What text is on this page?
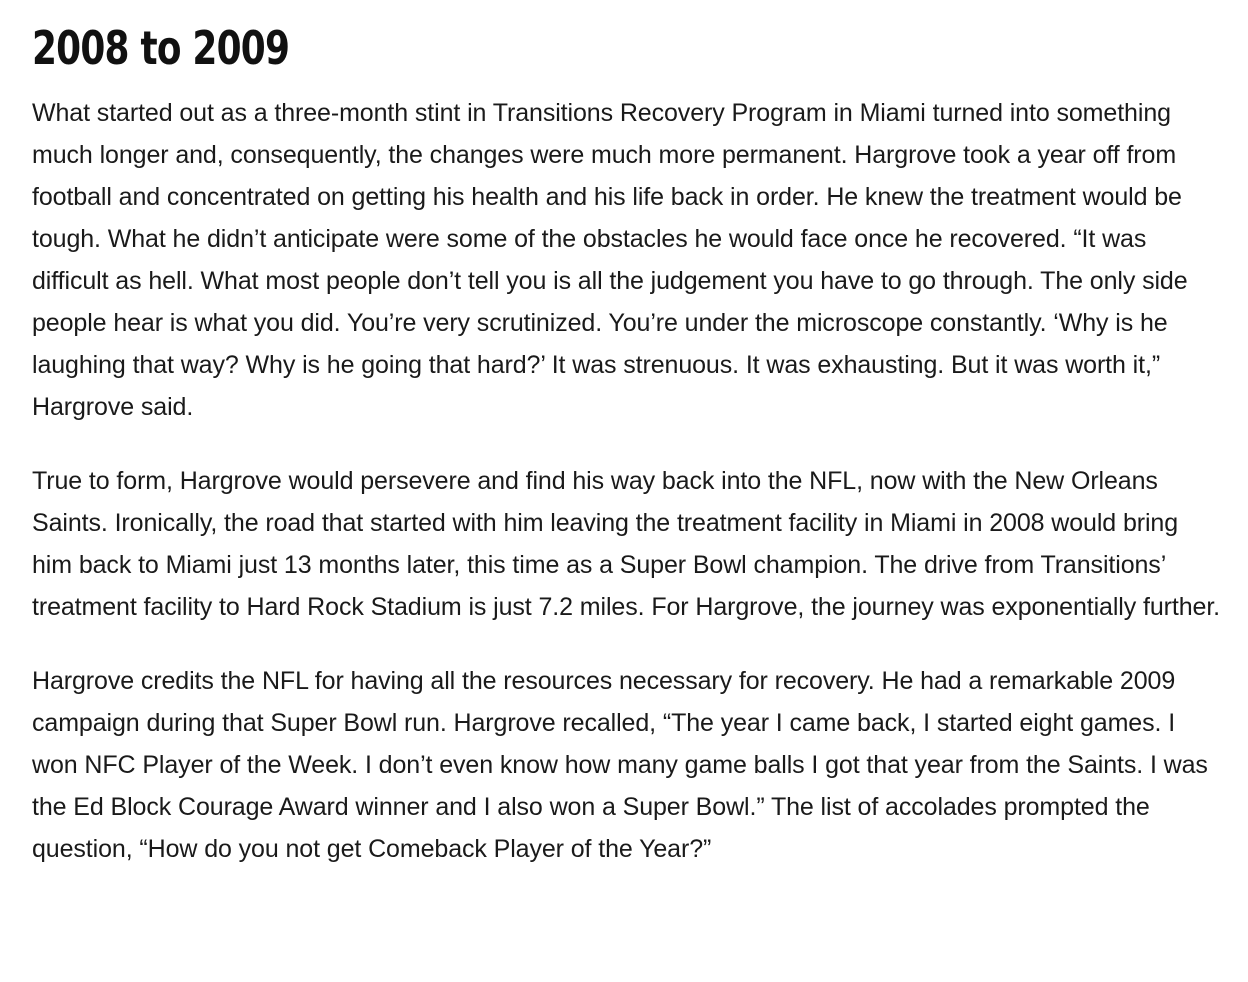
2008 to 2009

What started out as a three-month stint in Transitions Recovery Program in Miami turned into something much longer and, consequently, the changes were much more permanent. Hargrove took a year off from football and concentrated on getting his health and his life back in order. He knew the treatment would be tough. What he didn’t anticipate were some of the obstacles he would face once he recovered. “It was difficult as hell. What most people don’t tell you is all the judgement you have to go through. The only side people hear is what you did. You’re very scrutinized. You’re under the microscope constantly. ‘Why is he laughing that way? Why is he going that hard?’ It was strenuous. It was exhausting. But it was worth it,” Hargrove said.

True to form, Hargrove would persevere and find his way back into the NFL, now with the New Orleans Saints. Ironically, the road that started with him leaving the treatment facility in Miami in 2008 would bring him back to Miami just 13 months later, this time as a Super Bowl champion. The drive from Transitions’ treatment facility to Hard Rock Stadium is just 7.2 miles. For Hargrove, the journey was exponentially further.

Hargrove credits the NFL for having all the resources necessary for recovery. He had a remarkable 2009 campaign during that Super Bowl run. Hargrove recalled, “The year I came back, I started eight games. I won NFC Player of the Week. I don’t even know how many game balls I got that year from the Saints. I was the Ed Block Courage Award winner and I also won a Super Bowl.” The list of accolades prompted the question, “How do you not get Comeback Player of the Year?”
